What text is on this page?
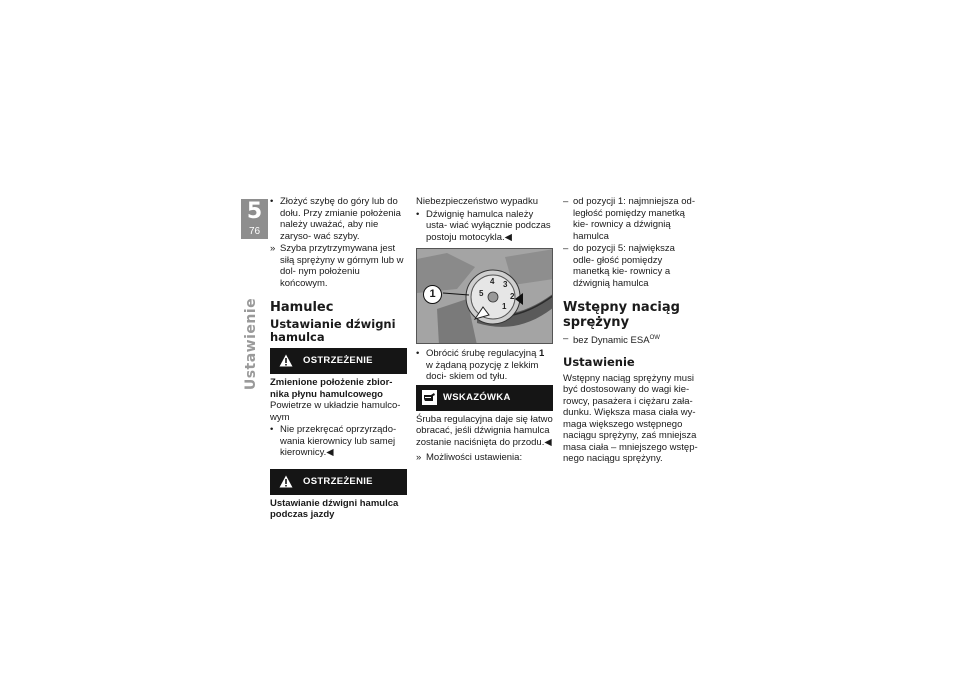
5
76
Ustawienie
• Złożyć szybę do góry lub do dołu. Przy zmianie położenia należy uważać, aby nie zaryso- wać szyby.
» Szyba przytrzymywana jest siłą sprężyny w górnym lub w dol- nym położeniu końcowym.
Hamulec
Ustawianie dźwigni hamulca
OSTRZEŻENIE
Zmienione położenie zbior- nika płynu hamulcowego
Powietrze w układzie hamulco- wym
• Nie przekręcać oprzyrządo- wania kierownicy lub samej kierownicy.◀
OSTRZEŻENIE
Ustawianie dźwigni hamulca podczas jazdy
Niebezpieczeństwo wypadku
• Dźwignię hamulca należy usta- wiać wyłącznie podczas postoju motocykla.◀
1
2
3
4
5
1
• Obrócić śrubę regulacyjną 1 w żądaną pozycję z lekkim doci- skiem od tyłu.
WSKAZÓWKA
Śruba regulacyjna daje się łatwo obracać, jeśli dźwignia hamulca zostanie naciśnięta do przodu.◀
» Możliwości ustawienia:
– od pozycji 1: najmniejsza od- ległość pomiędzy manetką kie- rownicy a dźwignią hamulca
– do pozycji 5: największa odle- głość pomiędzy manetką kie- rownicy a dźwignią hamulca
Wstępny naciąg sprężyny
– bez Dynamic $ESA^{OW}$
Ustawienie
Wstępny naciąg sprężyny musi być dostosowany do wagi kie- rowcy, pasażera i ciężaru zała- dunku. Większa masa ciała wy- maga większego wstępnego naciągu sprężyny, zaś mniejsza masa ciała – mniejszego wstęp- nego naciągu sprężyny.
